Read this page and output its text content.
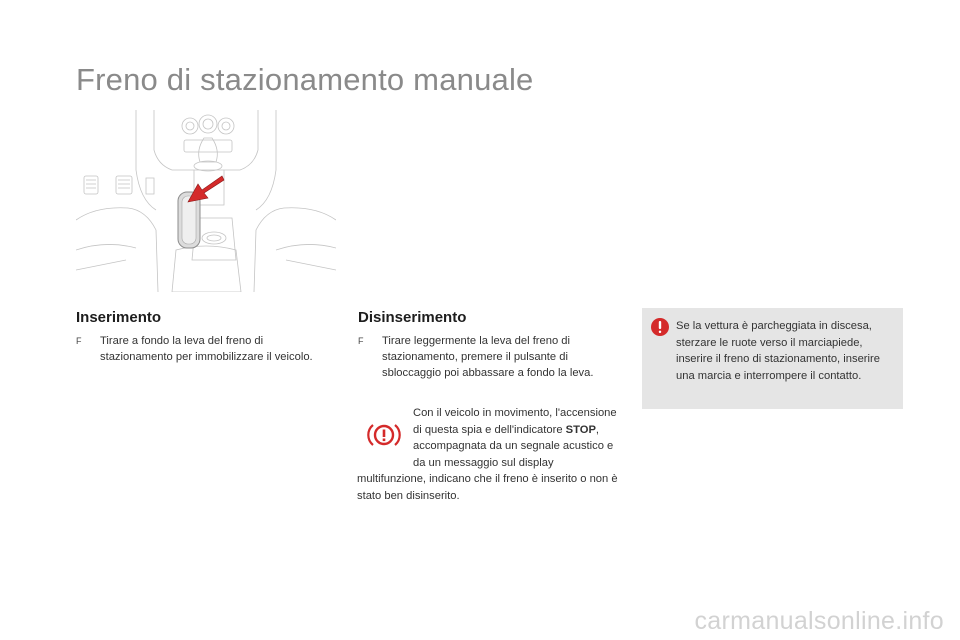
Freno di stazionamento manuale
Inserimento
F	Tirare a fondo la leva del freno di stazionamento per immobilizzare il veicolo.
Disinserimento
F	Tirare leggermente la leva del freno di stazionamento, premere il pulsante di sbloccaggio poi abbassare a fondo la leva.
Con il veicolo in movimento, l'accensione di questa spia e dell'indicatore STOP, accompagnata da un segnale acustico e da un messaggio sul display multifunzione, indicano che il freno è inserito o non è stato ben disinserito.
Se la vettura è parcheggiata in discesa, sterzare le ruote verso il marciapiede, inserire il freno di stazionamento, inserire una marcia e interrompere il contatto.
carmanualsonline.info
